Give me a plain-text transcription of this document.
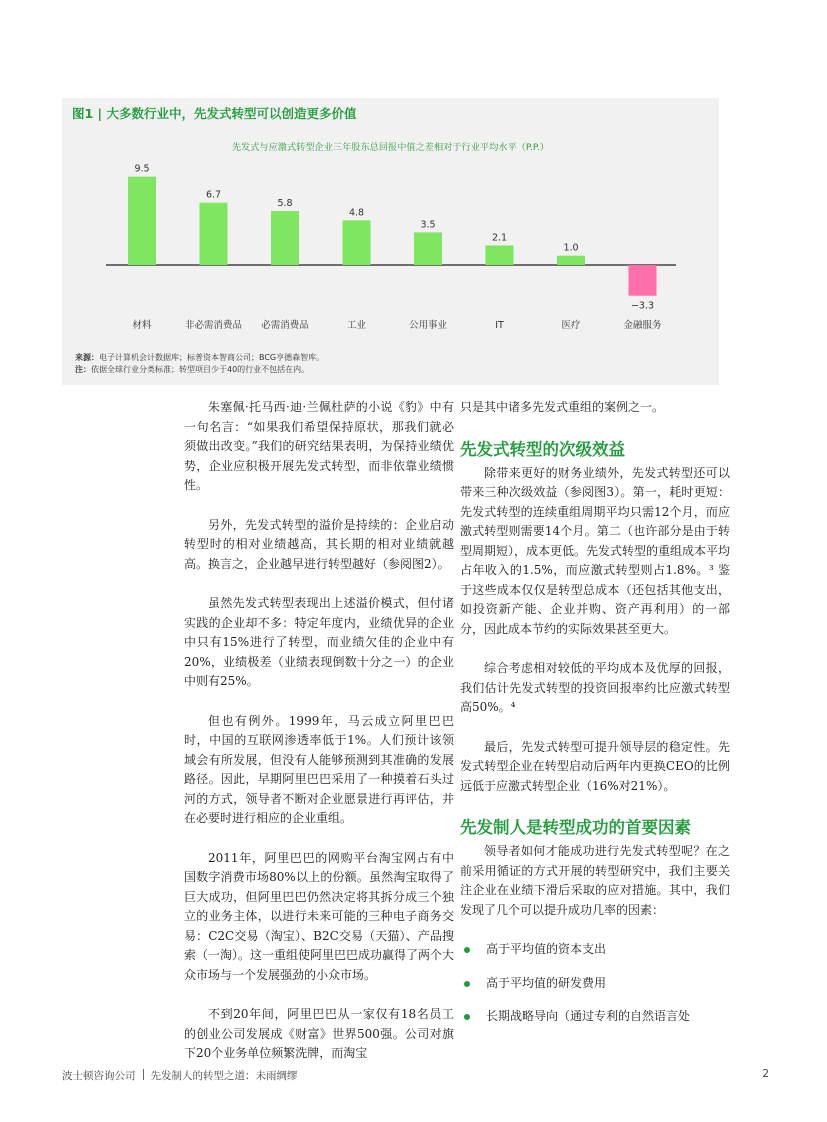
图1 | 大多数行业中，先发式转型可以创造更多价值
先发式与应激式转型企业三年股东总回报中值之差相对于行业平均水平（P.P.）
9.5
材料
6.7
非必需消费品
5.8
必需消费品
4.8
工业
3.5
公用事业
2.1
IT
1.0
医疗
−3.3
金融服务
来源：电子计算机会计数据库；标普资本智商公司；BCG亨德森智库。
注：依据全球行业分类标准；转型项目少于40的行业不包括在内。

朱塞佩·托马西·迪·兰佩杜萨的小说《豹》中有一句名言：“如果我们希望保持原状，那我们就必须做出改变。”我们的研究结果表明，为保持业绩优势，企业应积极开展先发式转型，而非依靠业绩惯性。

另外，先发式转型的溢价是持续的：企业启动转型时的相对业绩越高，其长期的相对业绩就越高。换言之，企业越早进行转型越好（参阅图2）。

虽然先发式转型表现出上述溢价模式，但付诸实践的企业却不多：特定年度内，业绩优异的企业中只有15%进行了转型，而业绩欠佳的企业中有20%，业绩极差（业绩表现倒数十分之一）的企业中则有25%。

但也有例外。1999年，马云成立阿里巴巴时，中国的互联网渗透率低于1%。人们预计该领域会有所发展，但没有人能够预测到其准确的发展路径。因此，早期阿里巴巴采用了一种摸着石头过河的方式，领导者不断对企业愿景进行再评估，并在必要时进行相应的企业重组。

2011年，阿里巴巴的网购平台淘宝网占有中国数字消费市场80%以上的份额。虽然淘宝取得了巨大成功，但阿里巴巴仍然决定将其拆分成三个独立的业务主体，以进行未来可能的三种电子商务交易：C2C交易（淘宝）、B2C交易（天猫）、产品搜索（一淘）。这一重组使阿里巴巴成功赢得了两个大众市场与一个发展强劲的小众市场。

不到20年间，阿里巴巴从一家仅有18名员工的创业公司发展成《财富》世界500强。公司对旗下20个业务单位频繁洗牌，而淘宝

只是其中诸多先发式重组的案例之一。

先发式转型的次级效益

除带来更好的财务业绩外，先发式转型还可以带来三种次级效益（参阅图3）。第一，耗时更短：先发式转型的连续重组周期平均只需12个月，而应激式转型则需要14个月。第二（也许部分是由于转型周期短），成本更低。先发式转型的重组成本平均占年收入的1.5%，而应激式转型则占1.8%。³ 鉴于这些成本仅仅是转型总成本（还包括其他支出，如投资新产能、企业并购、资产再利用）的一部分，因此成本节约的实际效果甚至更大。

综合考虑相对较低的平均成本及优厚的回报，我们估计先发式转型的投资回报率约比应激式转型高50%。⁴

最后，先发式转型可提升领导层的稳定性。先发式转型企业在转型启动后两年内更换CEO的比例远低于应激式转型企业（16%对21%）。

先发制人是转型成功的首要因素

领导者如何才能成功进行先发式转型呢？在之前采用循证的方式开展的转型研究中，我们主要关注企业在业绩下滑后采取的应对措施。其中，我们发现了几个可以提升成功几率的因素：

高于平均值的资本支出
高于平均值的研发费用
长期战略导向（通过专利的自然语言处
波士顿咨询公司 先发制人的转型之道：未雨绸缪	2
